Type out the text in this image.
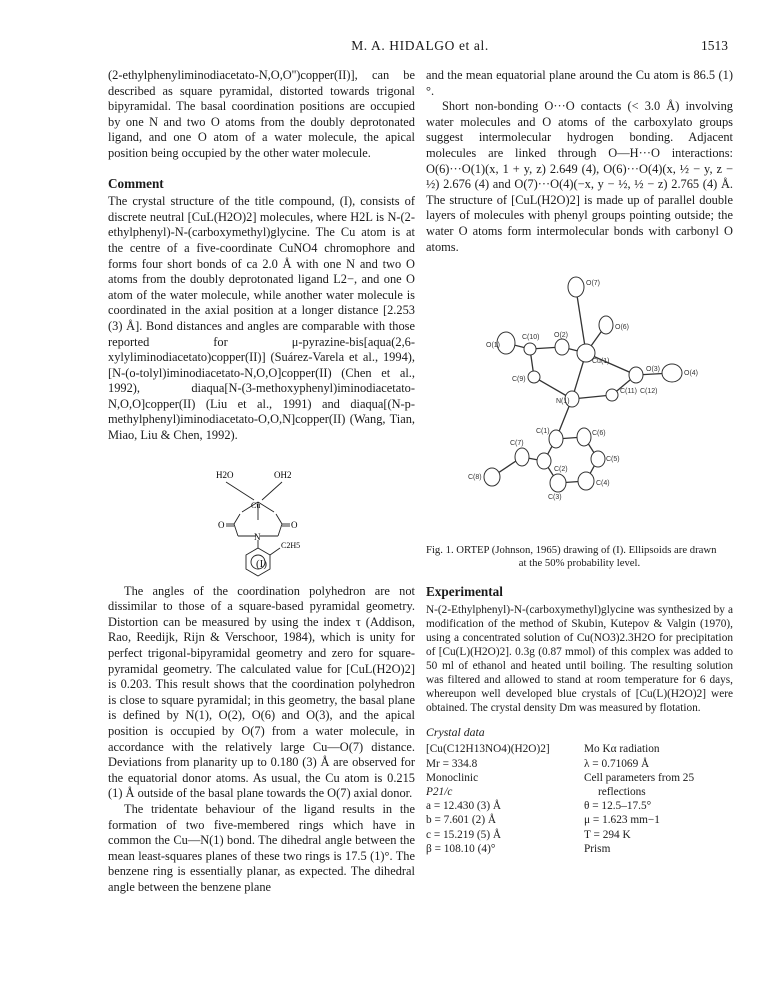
M. A. HIDALGO et al.	1513

(2-ethylphenyliminodiacetato-N,O,O'')copper(II)], can be described as square pyramidal, distorted towards trigonal bipyramidal. The basal coordination positions are occupied by one N and two O atoms from the doubly deprotonated ligand, and one O atom of a water molecule, the apical position being occupied by the other water molecule.

Comment

The crystal structure of the title compound, (I), consists of discrete neutral [CuL(H2O)2] molecules, where H2L is N-(2-ethylphenyl)-N-(carboxymethyl)glycine. The Cu atom is at the centre of a five-coordinate CuNO4 chromophore and forms four short bonds of ca 2.0 Å with one N and two O atoms from the doubly deprotonated ligand L2−, and one O atom of the water molecule, while another water molecule is coordinated in the axial position at a longer distance [2.253 (3) Å]. Bond distances and angles are comparable with those reported for μ-pyrazine-bis[aqua(2,6-xylyliminodiacetato)copper(II)] (Suárez-Varela et al., 1994), [N-(o-tolyl)iminodiacetato-N,O,O]copper(II) (Chen et al., 1992), diaqua[N-(3-methoxyphenyl)iminodiacetato-N,O,O]copper(II) (Liu et al., 1991) and diaqua[(N-p-methylphenyl)iminodiacetato-O,O,N]copper(II) (Wang, Tian, Miao, Liu & Chen, 1992).

H2O	OH2
Cu
N
O	O
C2H5
(I)

The angles of the coordination polyhedron are not dissimilar to those of a square-based pyramidal geometry. Distortion can be measured by using the index τ (Addison, Rao, Reedijk, Rijn & Verschoor, 1984), which is unity for perfect trigonal-bipyramidal geometry and zero for square-pyramidal geometry. The calculated value for [CuL(H2O)2] is 0.203. This result shows that the coordination polyhedron is close to square pyramidal; in this geometry, the basal plane is defined by N(1), O(2), O(6) and O(3), and the apical position is occupied by O(7) from a water molecule, in accordance with the relatively large Cu—O(7) distance. Deviations from planarity up to 0.180 (3) Å are observed for the equatorial donor atoms. As usual, the Cu atom is 0.215 (1) Å outside of the basal plane towards the O(7) axial donor.

The tridentate behaviour of the ligand results in the formation of two five-membered rings which have in common the Cu—N(1) bond. The dihedral angle between the mean least-squares planes of these two rings is 17.5 (1)°. The benzene ring is essentially planar, as expected. The dihedral angle between the benzene plane

and the mean equatorial plane around the Cu atom is 86.5 (1)°.

Short non-bonding O···O contacts (< 3.0 Å) involving water molecules and O atoms of the carboxylato groups suggest intermolecular hydrogen bonding. Adjacent molecules are linked through O—H···O interactions: O(6)···O(1)(x, 1 + y, z) 2.649 (4), O(6)···O(4)(x, ½ − y, z − ½) 2.676 (4) and O(7)···O(4)(−x, y − ½, ½ − z) 2.765 (4) Å. The structure of [CuL(H2O)2] is made up of parallel double layers of molecules with phenyl groups pointing outside; the water O atoms form intermolecular bonds with carbonyl O atoms.

O(7)
O(6)
O(2)
O(1)
C(10)
Cu(1)
O(3)
O(4)
C(9)
C(11) C(12)
N(1)
C(1)	C(6)
C(7)
C(5)
C(2)
C(8)
C(4)
C(3)
Fig. 1. ORTEP (Johnson, 1965) drawing of (I). Ellipsoids are drawn
at the 50% probability level.
Experimental

N-(2-Ethylphenyl)-N-(carboxymethyl)glycine was synthesized by a modification of the method of Skubin, Kutepov & Valgin (1970), using a concentrated solution of Cu(NO3)2.3H2O for precipitation of [Cu(L)(H2O)2]. 0.3g (0.87 mmol) of this complex was added to 50 ml of ethanol and heated until boiling. The resulting solution was filtered and allowed to stand at room temperature for 6 days, whereupon well developed blue crystals of [Cu(L)(H2O)2] were obtained. The crystal density Dm was measured by flotation.

Crystal data
[Cu(C12H13NO4)(H2O)2]
Mr = 334.8
Monoclinic
P21/c
a = 12.430 (3) Å
b = 7.601 (2) Å
c = 15.219 (5) Å
β = 108.10 (4)°
Mo Kα radiation
λ = 0.71069 Å
Cell parameters from 25
reflections
θ = 12.5–17.5°
μ = 1.623 mm−1
T = 294 K
Prism
